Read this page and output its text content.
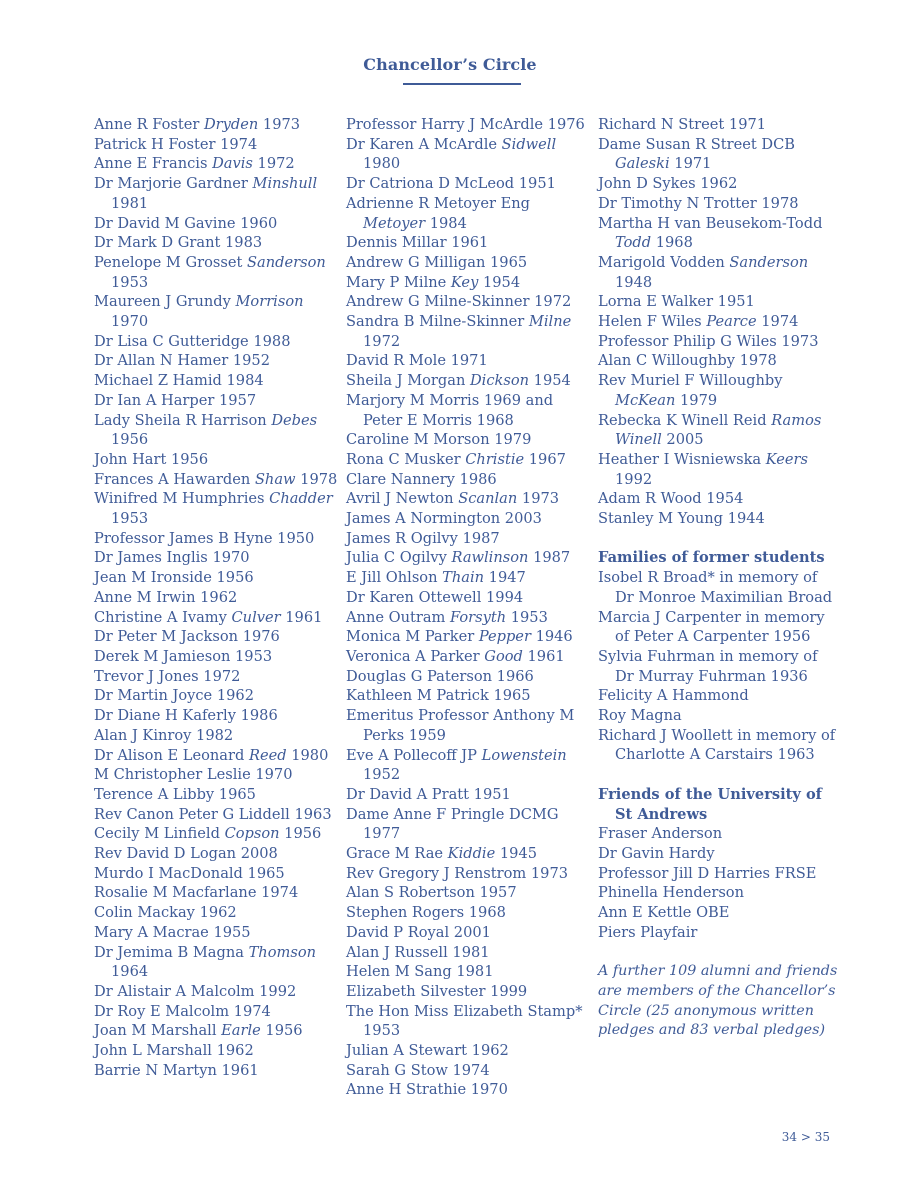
Chancellor’s Circle
Anne R Foster Dryden 1973
Patrick H Foster 1974
Anne E Francis Davis 1972
Dr Marjorie Gardner Minshull 1981
Dr David M Gavine 1960
Dr Mark D Grant 1983
Penelope M Grosset Sanderson 1953
Maureen J Grundy Morrison 1970
Dr Lisa C Gutteridge 1988
Dr Allan N Hamer 1952
Michael Z Hamid 1984
Dr Ian A Harper 1957
Lady Sheila R Harrison Debes 1956
John Hart 1956
Frances A Hawarden Shaw 1978
Winifred M Humphries Chadder 1953
Professor James B Hyne 1950
Dr James Inglis 1970
Jean M Ironside 1956
Anne M Irwin 1962
Christine A Ivamy Culver 1961
Dr Peter M Jackson 1976
Derek M Jamieson 1953
Trevor J Jones 1972
Dr Martin Joyce 1962
Dr Diane H Kaferly 1986
Alan J Kinroy 1982
Dr Alison E Leonard Reed 1980
M Christopher Leslie 1970
Terence A Libby 1965
Rev Canon Peter G Liddell 1963
Cecily M Linfield Copson 1956
Rev David D Logan 2008
Murdo I MacDonald 1965
Rosalie M Macfarlane 1974
Colin Mackay 1962
Mary A Macrae 1955
Dr Jemima B Magna Thomson 1964
Dr Alistair A Malcolm 1992
Dr Roy E Malcolm 1974
Joan M Marshall Earle 1956
John L Marshall 1962
Barrie N Martyn 1961
Professor Harry J McArdle 1976
Dr Karen A McArdle Sidwell 1980
Dr Catriona D McLeod 1951
Adrienne R Metoyer Eng Metoyer 1984
Dennis Millar 1961
Andrew G Milligan 1965
Mary P Milne Key 1954
Andrew G Milne-Skinner 1972
Sandra B Milne-Skinner Milne 1972
David R Mole 1971
Sheila J Morgan Dickson 1954
Marjory M Morris 1969 and Peter E Morris 1968
Caroline M Morson 1979
Rona C Musker Christie 1967
Clare Nannery 1986
Avril J Newton Scanlan 1973
James A Normington 2003
James R Ogilvy 1987
Julia C Ogilvy Rawlinson 1987
E Jill Ohlson Thain 1947
Dr Karen Ottewell 1994
Anne Outram Forsyth 1953
Monica M Parker Pepper 1946
Veronica A Parker Good 1961
Douglas G Paterson 1966
Kathleen M Patrick 1965
Emeritus Professor Anthony M Perks 1959
Eve A Pollecoff JP Lowenstein 1952
Dr David A Pratt 1951
Dame Anne F Pringle DCMG 1977
Grace M Rae Kiddie 1945
Rev Gregory J Renstrom 1973
Alan S Robertson 1957
Stephen Rogers 1968
David P Royal 2001
Alan J Russell 1981
Helen M Sang 1981
Elizabeth Silvester 1999
The Hon Miss Elizabeth Stamp* 1953
Julian A Stewart 1962
Sarah G Stow 1974
Anne H Strathie 1970
Richard N Street 1971
Dame Susan R Street DCB Galeski 1971
John D Sykes 1962
Dr Timothy N Trotter 1978
Martha H van Beusekom-Todd Todd 1968
Marigold Vodden Sanderson 1948
Lorna E Walker 1951
Helen F Wiles Pearce 1974
Professor Philip G Wiles 1973
Alan C Willoughby 1978
Rev Muriel F Willoughby McKean 1979
Rebecka K Winell Reid Ramos Winell 2005
Heather I Wisniewska Keers 1992
Adam R Wood 1954
Stanley M Young 1944
Families of former students
Isobel R Broad* in memory of Dr Monroe Maximilian Broad
Marcia J Carpenter in memory of Peter A Carpenter 1956
Sylvia Fuhrman in memory of Dr Murray Fuhrman 1936
Felicity A Hammond
Roy Magna
Richard J Woollett in memory of Charlotte A Carstairs 1963
Friends of the University of St Andrews
Fraser Anderson
Dr Gavin Hardy
Professor Jill D Harries FRSE
Phinella Henderson
Ann E Kettle OBE
Piers Playfair
A further 109 alumni and friends are members of the Chancellor’s Circle (25 anonymous written pledges and 83 verbal pledges)
34 > 35
